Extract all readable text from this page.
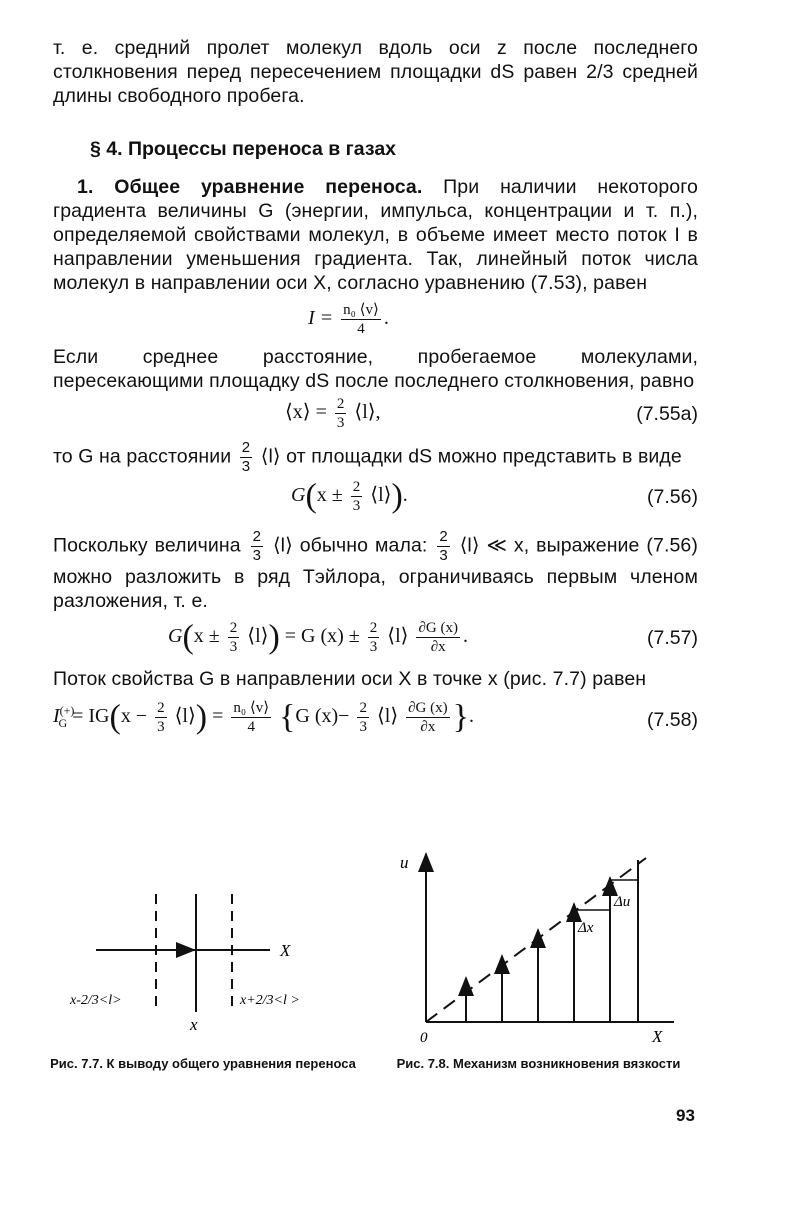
т. е. средний пролет молекул вдоль оси z после последнего столкновения перед пересечением площадки dS равен 2/3 средней длины свободного пробега.

§ 4. Процессы переноса в газах

1. Общее уравнение переноса. При наличии некоторого градиента величины G (энергии, импульса, концентрации и т. п.), определяемой свойствами молекул, в объеме имеет место поток I в направлении уменьшения градиента. Так, линейный поток числа молекул в направлении оси X, согласно уравнению (7.53), равен

$I = \frac{\text{n₀ ⟨v⟩}}{4}$ .

Если среднее расстояние, пробегаемое молекулами, пересекающими площадку dS после последнего столкновения, равно

⟨x⟩ = $\frac{2}{3}$ ⟨l⟩,	(7.55a)

то G на расстоянии $\frac{2}{3}$ ⟨l⟩ от площадки dS можно представить в виде

$G(x \pm \frac{2}{3}$ ⟨l⟩).	(7.56)

Поскольку величина $\frac{2}{3}$ ⟨l⟩ обычно мала: $\frac{2}{3}$ ⟨l⟩ ≪ x, выражение (7.56) можно разложить в ряд Тэйлора, ограничиваясь первым членом разложения, т. е.

$G(x \pm \frac{2}{3}$ ⟨l⟩) = G $(x) \pm \frac{2}{3}$ ⟨l⟩ $\frac{\partial G (x)}{\partial x}$ .	(7.57)

Поток свойства G в направлении оси X в точке x (рис. 7.7) равен

$I^{(+)}_G = IG(x - \frac{2}{3}$ ⟨l⟩) = $\frac{\text{n₀ ⟨v⟩}}{4} \{G$ $(x)- \frac{2}{3}$ ⟨l⟩ $\frac{\partial G (x)}{\partial x}$ }.	(7.58)
X
x
x-2/3<l>	x+2/3<l >
u
X
0
Δx
Δu
Рис. 7.7. К выводу общего уравнения переноса	Рис. 7.8. Механизм возникновения вязкости
93
